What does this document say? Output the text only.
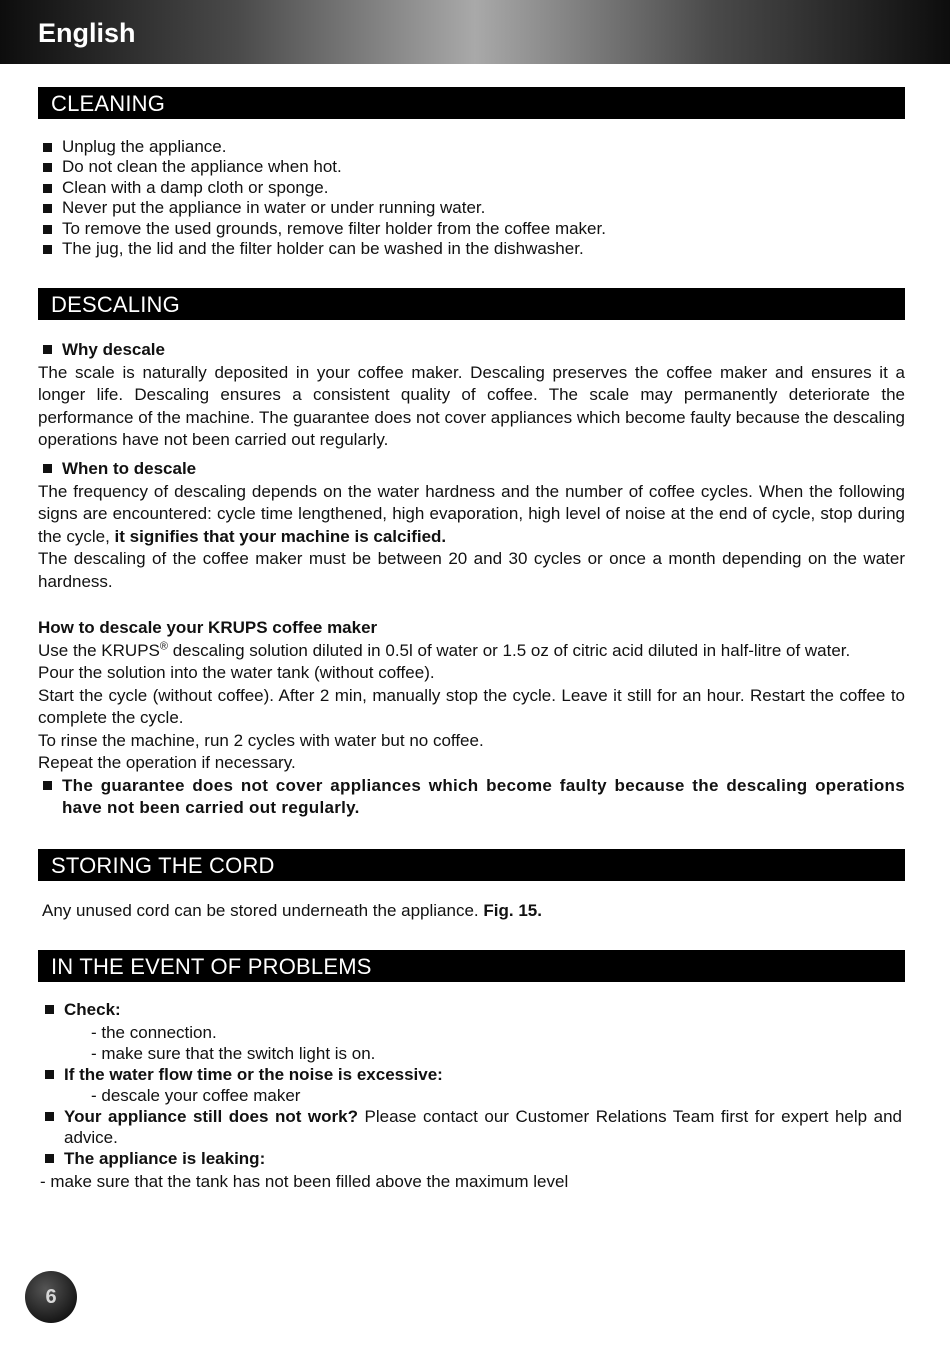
English
CLEANING

Unplug the appliance.

Do not clean the appliance when hot.

Clean with a damp cloth or sponge.

Never put the appliance in water or under running water.

To remove the used grounds, remove filter holder from the coffee maker.

The jug, the lid and the filter holder can be washed in the dishwasher.

DESCALING

Why descale

The scale is naturally deposited in your coffee maker. Descaling preserves the coffee maker and ensures it a longer life. Descaling ensures a consistent quality of coffee. The scale may permanently deteriorate the performance of the machine. The guarantee does not cover appliances which become faulty because the descaling operations have not been carried out regularly.

When to descale

The frequency of descaling depends on the water hardness and the number of coffee cycles. When the following signs are encountered: cycle time lengthened, high evaporation, high level of noise at the end of cycle, stop during the cycle, it signifies that your machine is calcified.

The descaling of the coffee maker must be between 20 and 30 cycles or once a month depending on the water hardness.

How to descale your KRUPS coffee maker

Use the KRUPS® descaling solution diluted in 0.5l of water or 1.5 oz of citric acid diluted in half-litre of water.

Pour the solution into the water tank (without coffee).

Start the cycle (without coffee). After 2 min, manually stop the cycle. Leave it still for an hour. Restart the coffee to complete the cycle.

To rinse the machine, run 2 cycles with water but no coffee.

Repeat the operation if necessary.

The guarantee does not cover appliances which become faulty because the descaling operations have not been carried out regularly.

STORING THE CORD

Any unused cord can be stored underneath the appliance. Fig. 15.

IN THE EVENT OF PROBLEMS

Check:

- the connection.

- make sure that the switch light is on.

If the water flow time or the noise is excessive:

- descale your coffee maker

Your appliance still does not work? Please contact our Customer Relations Team first for expert help and advice.

The appliance is leaking:

- make sure that the tank has not been filled above the maximum level

6
